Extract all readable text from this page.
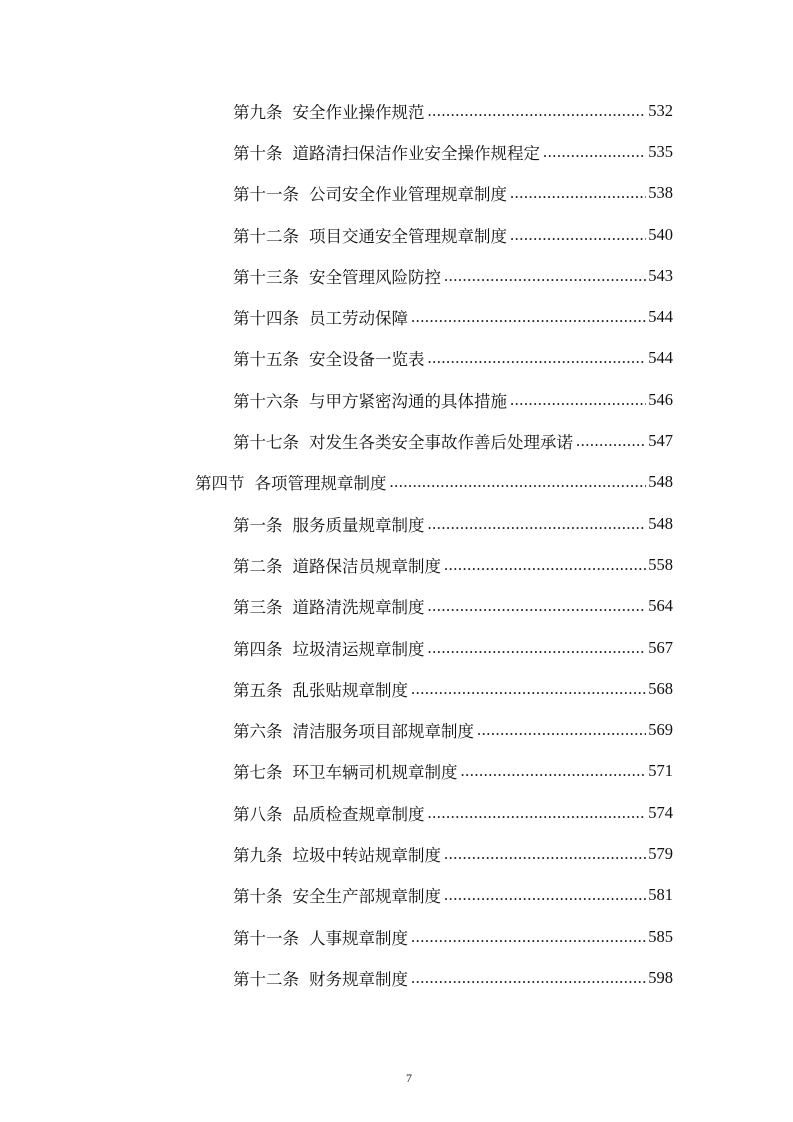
第九条 安全作业操作规范 .....	532
第十条 道路清扫保洁作业安全操作规程定 .....	535
第十一条 公司安全作业管理规章制度 .....	538
第十二条 项目交通安全管理规章制度 .....	540
第十三条 安全管理风险防控 .....	543
第十四条 员工劳动保障 .....	544
第十五条 安全设备一览表 .....	544
第十六条 与甲方紧密沟通的具体措施 .....	546
第十七条 对发生各类安全事故作善后处理承诺 .....	547
第四节 各项管理规章制度 .....	548
第一条 服务质量规章制度 .....	548
第二条 道路保洁员规章制度 .....	558
第三条 道路清洗规章制度 .....	564
第四条 垃圾清运规章制度 .....	567
第五条 乱张贴规章制度 .....	568
第六条 清洁服务项目部规章制度 .....	569
第七条 环卫车辆司机规章制度 .....	571
第八条 品质检查规章制度 .....	574
第九条 垃圾中转站规章制度 .....	579
第十条 安全生产部规章制度 .....	581
第十一条 人事规章制度 .....	585
第十二条 财务规章制度 .....	598
7
